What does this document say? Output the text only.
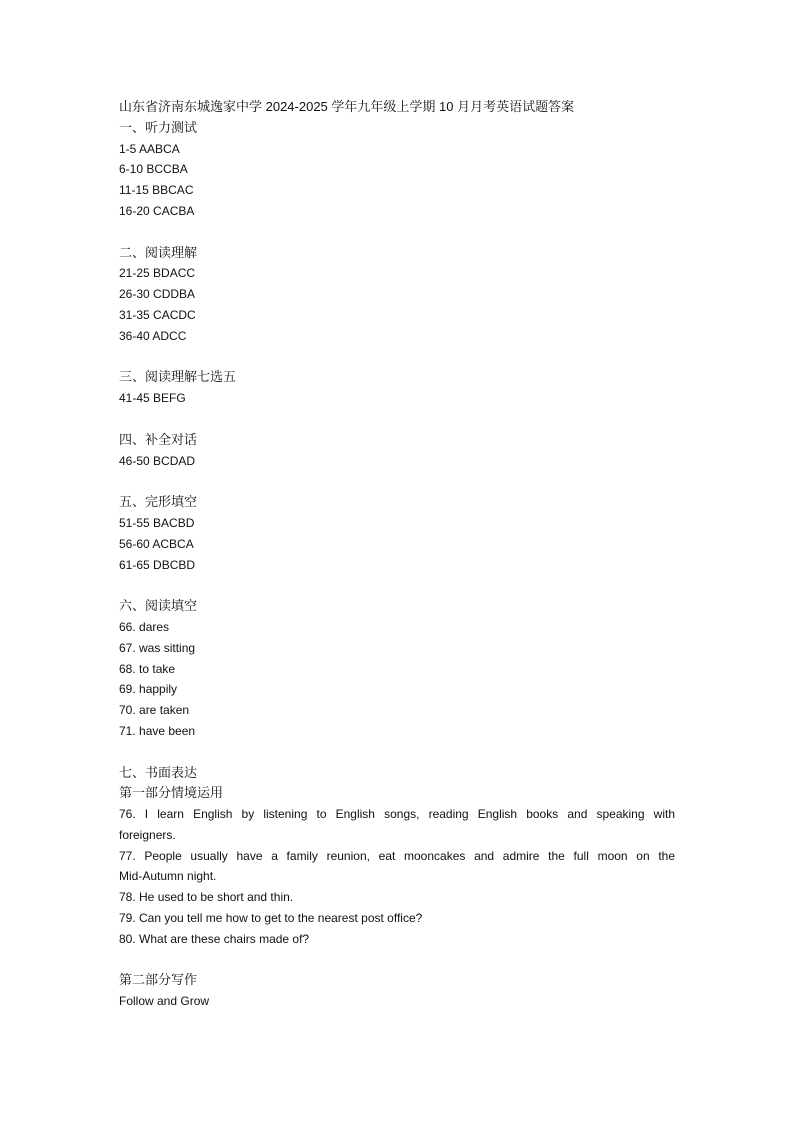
山东省济南东城逸家中学 2024-2025 学年九年级上学期 10 月月考英语试题答案
一、听力测试
1-5 AABCA
6-10 BCCBA
11-15 BBCAC
16-20 CACBA
二、阅读理解
21-25 BDACC
26-30 CDDBA
31-35 CACDC
36-40 ADCC
三、阅读理解七选五
41-45 BEFG
四、补全对话
46-50 BCDAD
五、完形填空
51-55 BACBD
56-60 ACBCA
61-65 DBCBD
六、阅读填空
66. dares
67. was sitting
68. to take
69. happily
70. are taken
71. have been
七、书面表达
第一部分情境运用
76. I learn English by listening to English songs, reading English books and speaking with
foreigners.
77. People usually have a family reunion, eat mooncakes and admire the full moon on the
Mid-Autumn night.
78. He used to be short and thin.
79. Can you tell me how to get to the nearest post office?
80. What are these chairs made of?
第二部分写作
Follow and Grow
